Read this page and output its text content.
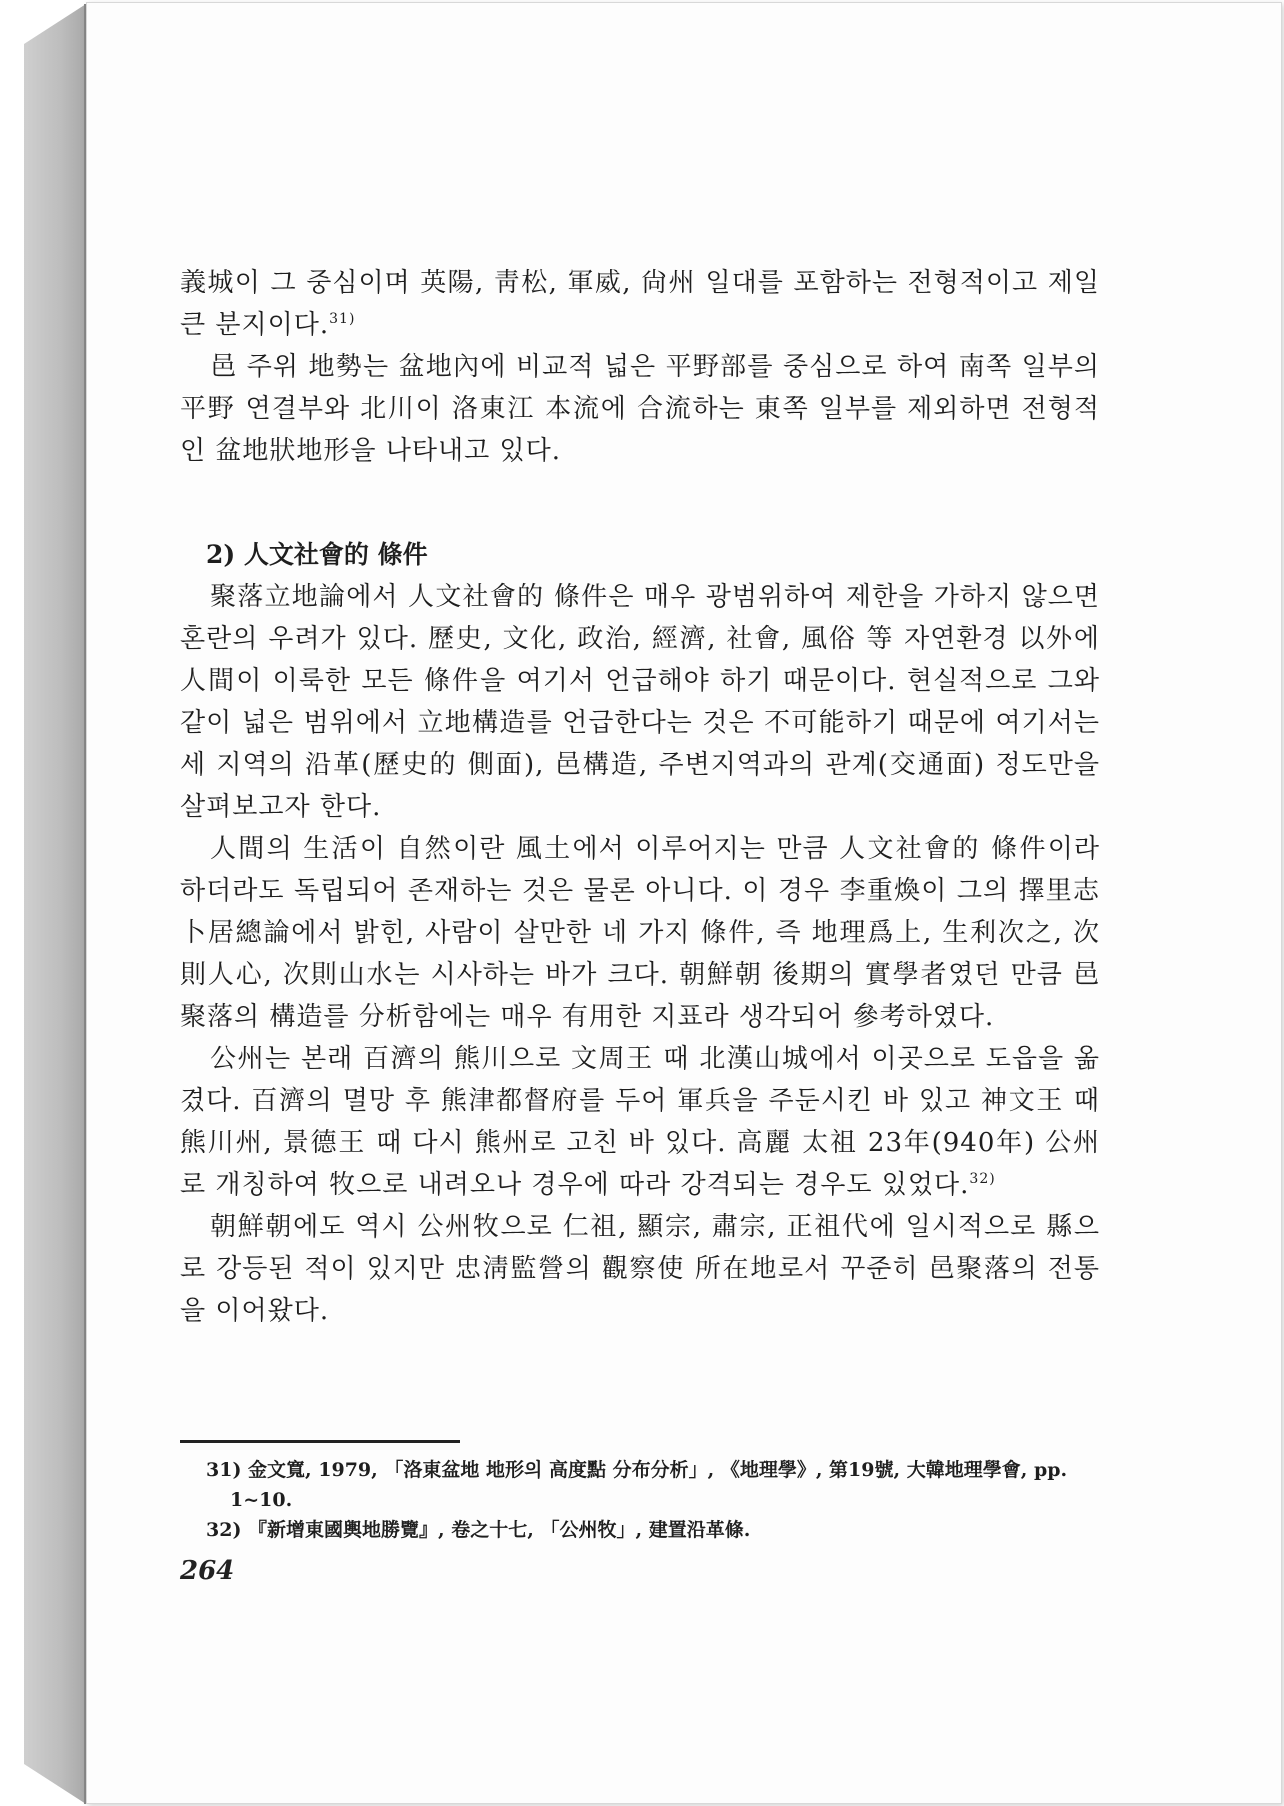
義城이 그 중심이며 英陽, 靑松, 軍威, 尙州 일대를 포함하는 전형적이고 제일 큰 분지이다.$^{31)}$

邑 주위 地勢는 盆地內에 비교적 넓은 平野部를 중심으로 하여 南쪽 일부의 平野 연결부와 北川이 洛東江 本流에 合流하는 東쪽 일부를 제외하면 전형적인 盆地狀地形을 나타내고 있다.

2) 人文社會的 條件

聚落立地論에서 人文社會的 條件은 매우 광범위하여 제한을 가하지 않으면 혼란의 우려가 있다. 歷史, 文化, 政治, 經濟, 社會, 風俗 等 자연환경 以外에 人間이 이룩한 모든 條件을 여기서 언급해야 하기 때문이다. 현실적으로 그와 같이 넓은 범위에서 立地構造를 언급한다는 것은 不可能하기 때문에 여기서는 세 지역의 沿革(歷史的 側面), 邑構造, 주변지역과의 관계(交通面) 정도만을 살펴보고자 한다.

人間의 生活이 自然이란 風土에서 이루어지는 만큼 人文社會的 條件이라 하더라도 독립되어 존재하는 것은 물론 아니다. 이 경우 李重煥이 그의 擇里志 卜居總論에서 밝힌, 사람이 살만한 네 가지 條件, 즉 地理爲上, 生利次之, 次則人心, 次則山水는 시사하는 바가 크다. 朝鮮朝 後期의 實學者였던 만큼 邑聚落의 構造를 分析함에는 매우 有用한 지표라 생각되어 參考하였다.

公州는 본래 百濟의 熊川으로 文周王 때 北漢山城에서 이곳으로 도읍을 옮겼다. 百濟의 멸망 후 熊津都督府를 두어 軍兵을 주둔시킨 바 있고 神文王 때 熊川州, 景德王 때 다시 熊州로 고친 바 있다. 高麗 太祖 23年(940年) 公州로 개칭하여 牧으로 내려오나 경우에 따라 강격되는 경우도 있었다.$^{32)}$

朝鮮朝에도 역시 公州牧으로 仁祖, 顯宗, 肅宗, 正祖代에 일시적으로 縣으로 강등된 적이 있지만 忠淸監營의 觀察使 所在地로서 꾸준히 邑聚落의 전통을 이어왔다.

31) 金文寬, 1979, 「洛東盆地 地形의 高度點 分布分析」, 《地理學》, 第19號, 大韓地理學會, pp. 1~10.

32) 『新增東國輿地勝覽』, 卷之十七, 「公州牧」, 建置沿革條.

264
